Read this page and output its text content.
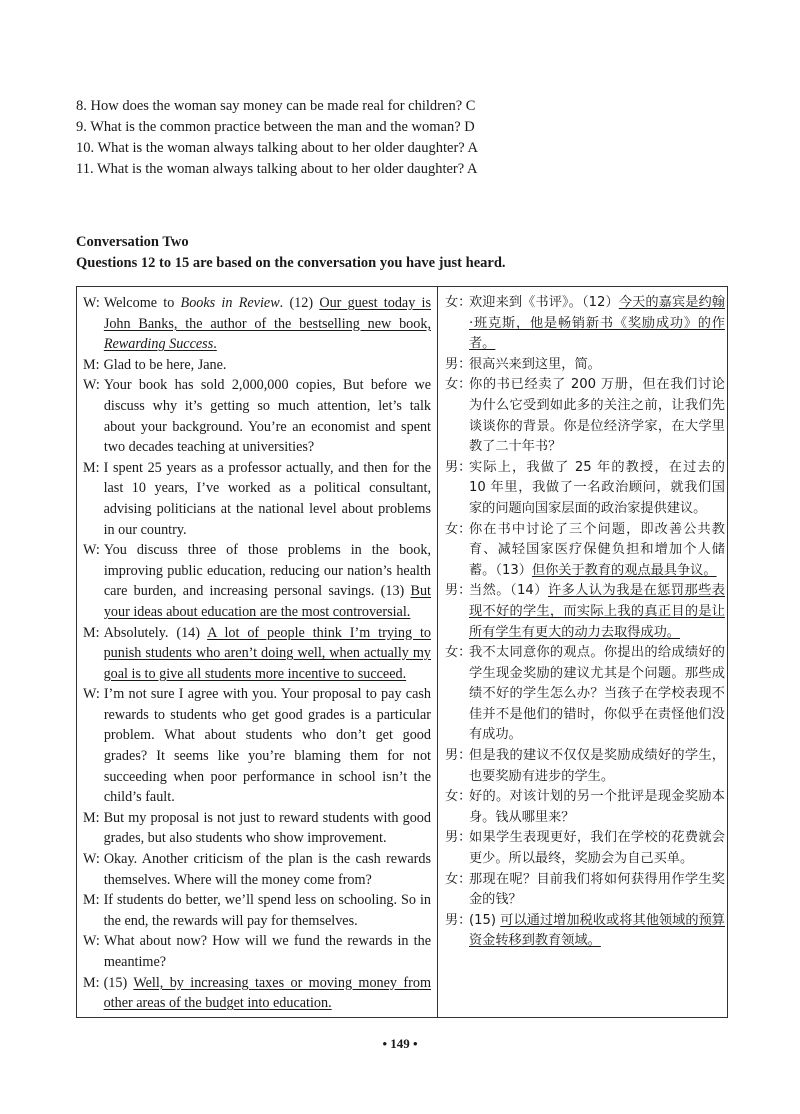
8. How does the woman say money can be made real for children? C
9. What is the common practice between the man and the woman? D
10. What is the woman always talking about to her older daughter? A
11. What is the woman always talking about to her older daughter? A
Conversation Two
Questions 12 to 15 are based on the conversation you have just heard.
W: Welcome to Books in Review. (12) Our guest today is John Banks, the author of the bestselling new book, Rewarding Success.
M: Glad to be here, Jane.
W: Your book has sold 2,000,000 copies, But before we discuss why it’s getting so much attention, let’s talk about your background. You’re an economist and spent two decades teaching at universities?
M: I spent 25 years as a professor actually, and then for the last 10 years, I’ve worked as a political consultant, advising politicians at the national level about problems in our country.
W: You discuss three of those problems in the book, improving public education, reducing our nation’s health care burden, and increasing personal savings. (13) But your ideas about education are the most controversial.
M: Absolutely. (14) A lot of people think I’m trying to punish students who aren’t doing well, when actually my goal is to give all students more incentive to succeed.
W: I’m not sure I agree with you. Your proposal to pay cash rewards to students who get good grades is a particular problem. What about students who don’t get good grades? It seems like you’re blaming them for not succeeding when poor performance in school isn’t the child’s fault.
M: But my proposal is not just to reward students with good grades, but also students who show improvement.
W: Okay. Another criticism of the plan is the cash rewards themselves. Where will the money come from?
M: If students do better, we’ll spend less on schooling. So in the end, the rewards will pay for themselves.
W: What about now? How will we fund the rewards in the meantime?
M: (15) Well, by increasing taxes or moving money from other areas of the budget into education.
女：
欢迎来到《书评》。（12）今天的嘉宾是约翰·班克斯，他是畅销新书《奖励成功》的作者。
男：
很高兴来到这里，简。
女：
你的书已经卖了 200 万册，但在我们讨论为什么它受到如此多的关注之前，让我们先谈谈你的背景。你是位经济学家，在大学里教了二十年书？
男：
实际上，我做了 25 年的教授，在过去的 10 年里，我做了一名政治顾问，就我们国家的问题向国家层面的政治家提供建议。
女：
你在书中讨论了三个问题，即改善公共教育、减轻国家医疗保健负担和增加个人储蓄。（13）但你关于教育的观点最具争议。
男：
当然。（14）许多人认为我是在惩罚那些表现不好的学生，而实际上我的真正目的是让所有学生有更大的动力去取得成功。
女：
我不太同意你的观点。你提出的给成绩好的学生现金奖励的建议尤其是个问题。那些成绩不好的学生怎么办？当孩子在学校表现不佳并不是他们的错时，你似乎在责怪他们没有成功。
男：
但是我的建议不仅仅是奖励成绩好的学生，也要奖励有进步的学生。
女：
好的。对该计划的另一个批评是现金奖励本身。钱从哪里来？
男：
如果学生表现更好，我们在学校的花费就会更少。所以最终，奖励会为自己买单。
女：
那现在呢？目前我们将如何获得用作学生奖金的钱？
男：
(15) 可以通过增加税收或将其他领域的预算资金转移到教育领域。
• 149 •
